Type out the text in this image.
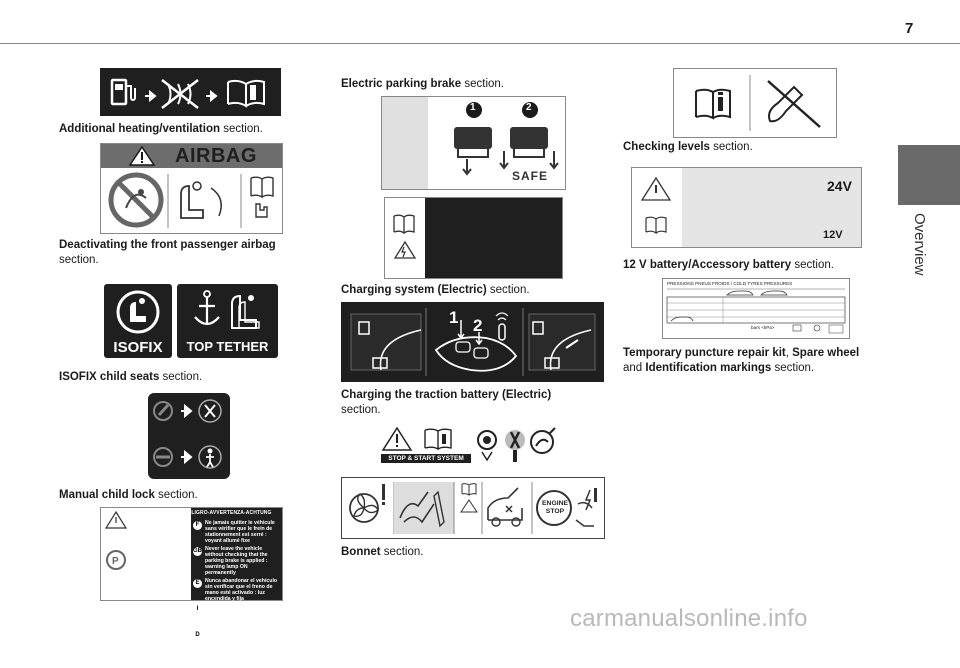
7
Overview
Additional heating/ventilation section.
AIRBAG
Deactivating the front passenger airbag
section.
ISOFIX	TOP TETHER
ISOFIX child seats section.
Manual child lock section.
ATTENTION-WARNING-PELIGRO-AVVERTENZA-ACHTUNG
P
F	Ne jamais quitter le véhicule sans vérifier que le frein de stationnement est serré : voyant allumé fixe
GB Never leave the vehicle without checking that the parking brake is applied : warning lamp ON permanently
E	Nunca abandonar el vehículo sin verificar que el freno de mano esté activado : luz encendida y fija
I	Prima di scendere dalla vettura verificare che il freno di stazionamento sia inserito : spia accesa fissa
D	Fahrzeug nie verlassen, ohne vorher zu prüfen, ob die elektrische parkbremse angezogen ist: Die kontrolleuchte leuchtet dann permanent
Electric parking brake section.
1	2
SAFE
Charging system (Electric) section.
1 2
Charging the traction battery (Electric)
section.
STOP & START SYSTEM
ENGINE STOP
Bonnet section.
Checking levels section.
24V
12V
12 V battery/Accessory battery section.
PRESSIONS PNEUS FROIDS / COLD TYRES PRESSURES
bars <kPa>
Temporary puncture repair kit, Spare wheel
and Identification markings section.
carmanualsonline.info
